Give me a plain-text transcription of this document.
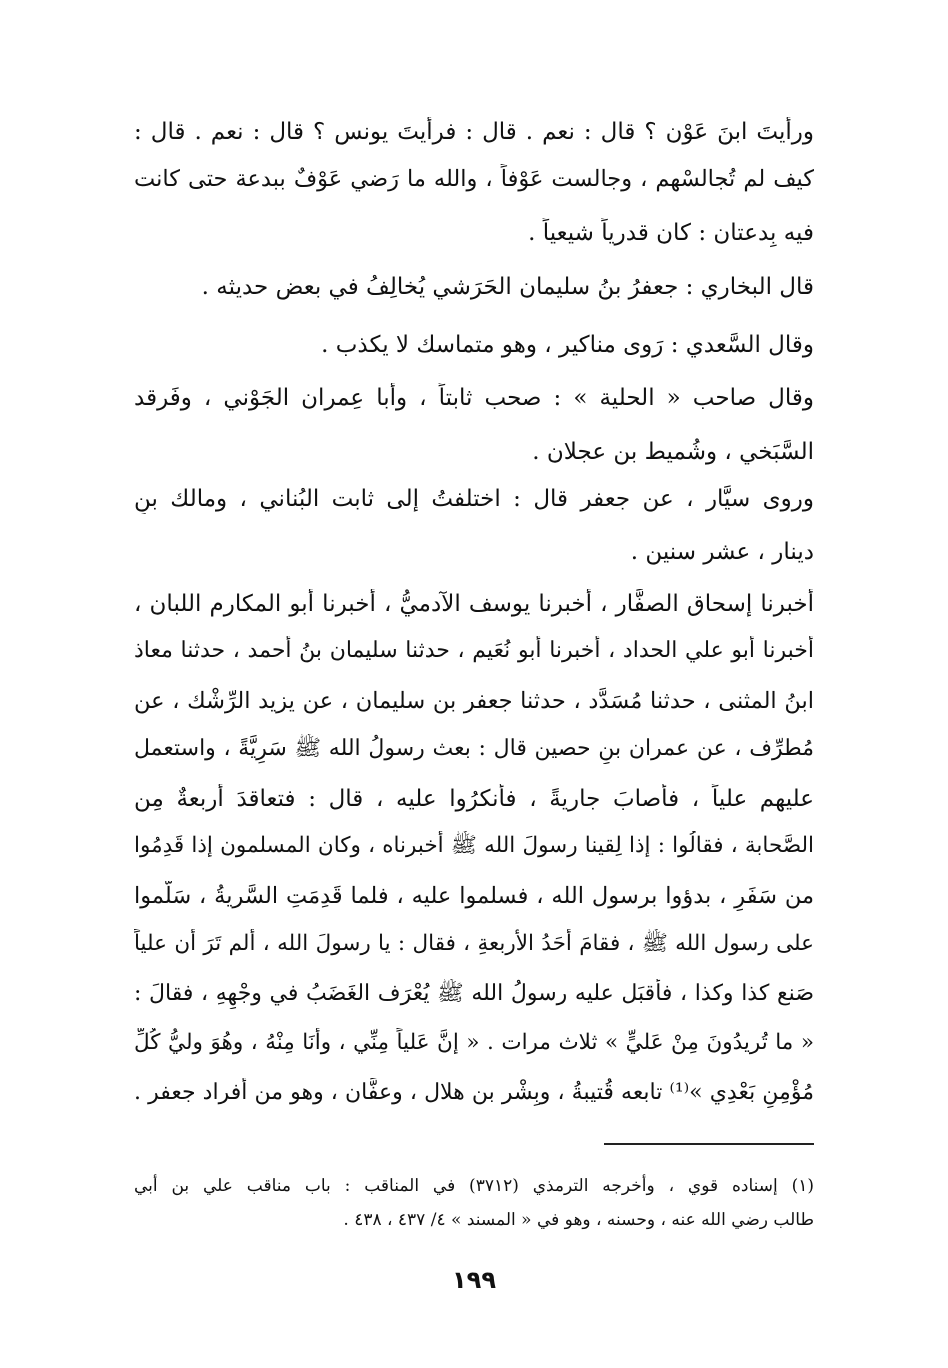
ورأيتَ ابنَ عَوْن ؟ قال : نعم . قال : فرأيتَ يونس ؟ قال : نعم . قال :
كيف لم تُجالسْهم ، وجالست عَوْفاً ، والله ما رَضي عَوْفٌ ببدعة حتى كانت
فيه بِدعتان : كان قدرياً شيعياً .
قال البخاري : جعفرُ بنُ سليمان الحَرَشي يُخالِفُ في بعض حديثه .
وقال السَّعدي : رَوى مناكير ، وهو متماسك لا يكذب .
وقال صاحب « الحلية » : صحب ثابتاً ، وأبا عِمران الجَوْني ، وفَرقد
السَّبَخي ، وشُميط بن عجلان .
وروى سيَّار ، عن جعفر قال : اختلفتُ إلى ثابت البُناني ، ومالك بنِ
دينار ، عشر سنين .
أخبرنا إسحاق الصفَّار ، أخبرنا يوسف الآدميُّ ، أخبرنا أبو المكارم اللبان ،
أخبرنا أبو علي الحداد ، أخبرنا أبو نُعَيم ، حدثنا سليمان بنُ أحمد ، حدثنا معاذ
ابنُ المثنى ، حدثنا مُسَدَّد ، حدثنا جعفر بن سليمان ، عن يزيد الرِّشْك ، عن
مُطرِّف ، عن عمران بنِ حصين قال : بعث رسولُ الله ﷺ سَرِيَّةً ، واستعمل
عليهم علياً ، فأصابَ جاريةً ، فأنكرُوا عليه ، قال : فتعاقدَ أربعةٌ مِن
الصَّحابة ، فقالُوا : إذا لِقينا رسولَ الله ﷺ أخبرناه ، وكان المسلمون إذا قَدِمُوا
من سَفَرٍ ، بدؤوا برسول الله ، فسلموا عليه ، فلما قَدِمَتِ السَّريةُ ، سَلَّموا
على رسول الله ﷺ ، فقامَ أحَدُ الأربعةِ ، فقال : يا رسولَ الله ، ألم تَرَ أن علياً
صَنع كذا وكذا ، فأقبَل عليه رسولُ الله ﷺ يُعْرَف الغَضَبُ في وجْهِهِ ، فقالَ :
« ما تُريدُونَ مِنْ عَليٍّ » ثلاث مرات . « إنَّ عَلياً مِنِّي ، وأنَا مِنْهُ ، وهُوَ وليُّ كُلِّ
مُؤْمِنٍ بَعْدِي »⁽¹⁾ تابعه قُتيبةُ ، وبِشْر بن هلال ، وعفَّان ، وهو من أفراد جعفر .
(١) إسناده قوي ، وأخرجه الترمذي (٣٧١٢) في المناقب : باب مناقب علي بن أبي
طالب رضي الله عنه ، وحسنه ، وهو في « المسند » ٤/ ٤٣٧ ، ٤٣٨ .
١٩٩
